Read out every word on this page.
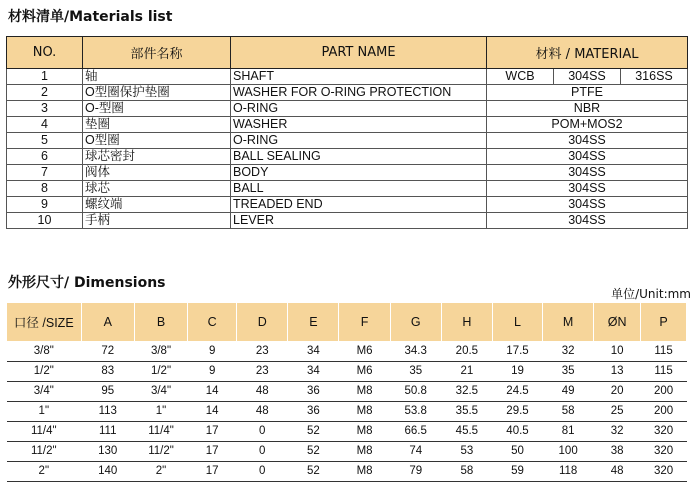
材料清单/Materials list
NO.	部件名称	PART NAME	材料 / MATERIAL
1	轴	SHAFT	WCB 304SS 316SS

2	O型圈保护垫圈	WASHER FOR O-RING PROTECTION	PTFE
3	O-型圈	O-RING	NBR
4	垫圈	WASHER	POM+MOS2
5	O型圈	O-RING	304SS
6	球芯密封	BALL SEALING	304SS
7	阀体	BODY	304SS
8	球芯	BALL	304SS
9	螺纹端	TREADED END	304SS
10	手柄	LEVER	304SS
外形尺寸/ Dimensions
单位/Unit:mm
口径 /SIZE	A	B	C	D	E	F	G	H	L	M	ØN	P
3/8"	72	3/8"	9	23	34	M6	34.3	20.5	17.5	32	10	115
1/2"	83	1/2"	9	23	34	M6	35	21	19	35	13	115
3/4"	95	3/4"	14	48	36	M8	50.8	32.5	24.5	49	20	200
1"	113	1"	14	48	36	M8	53.8	35.5	29.5	58	25	200
11/4"	111	11/4"	17	0	52	M8	66.5	45.5	40.5	81	32	320
11/2"	130	11/2"	17	0	52	M8	74	53	50	100	38	320
2"	140	2"	17	0	52	M8	79	58	59	118	48	320
